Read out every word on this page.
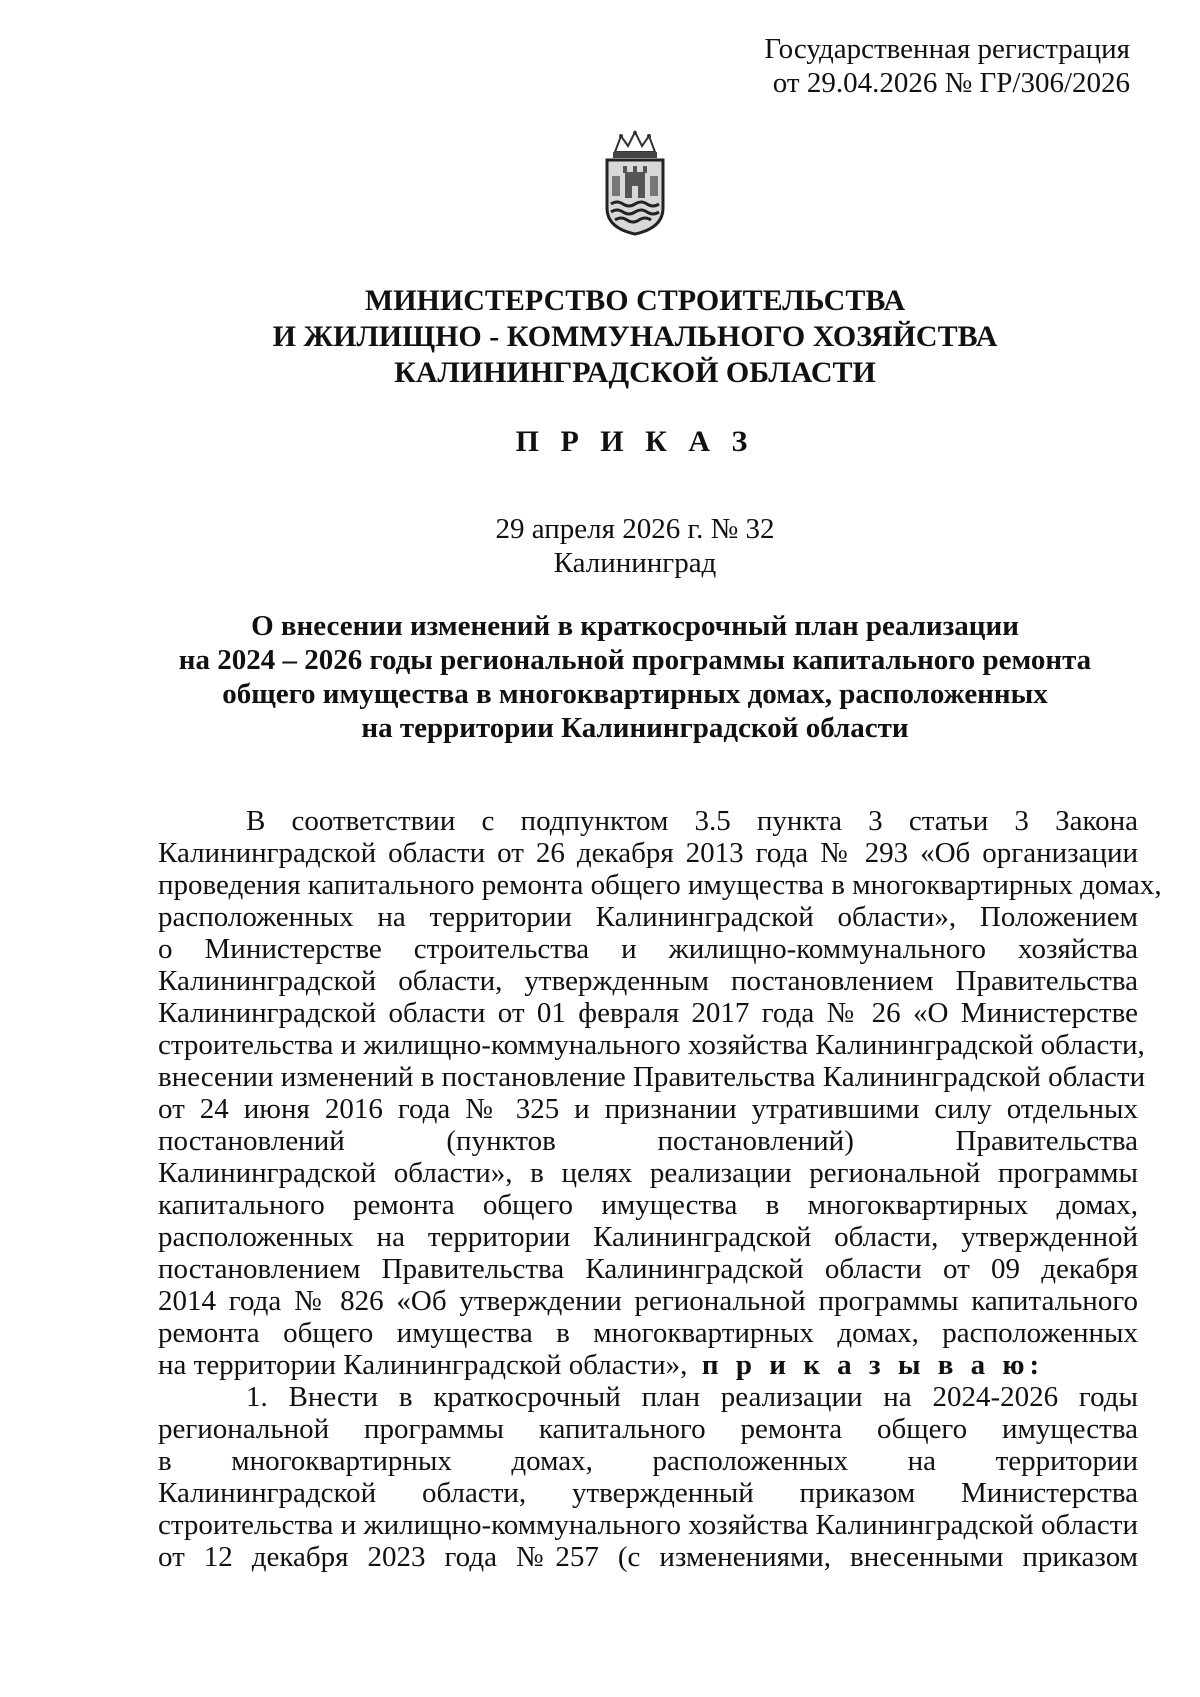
Государственная регистрация
от 29.04.2026 № ГР/306/2026
МИНИСТЕРСТВО СТРОИТЕЛЬСТВА
И ЖИЛИЩНО - КОММУНАЛЬНОГО ХОЗЯЙСТВА
КАЛИНИНГРАДСКОЙ ОБЛАСТИ
П Р И К А З
29 апреля 2026 г. № 32
Калининград
О внесении изменений в краткосрочный план реализации
на 2024 – 2026 годы региональной программы капитального ремонта
общего имущества в многоквартирных домах, расположенных
на территории Калининградской области
В соответствии с подпунктом 3.5 пункта 3 статьи 3 Закона
Калининградской области от 26 декабря 2013 года № 293 «Об организации
проведения капитального ремонта общего имущества в многоквартирных домах,
расположенных на территории Калининградской области», Положением
о Министерстве строительства и жилищно-коммунального хозяйства
Калининградской области, утвержденным постановлением Правительства
Калининградской области от 01 февраля 2017 года № 26 «О Министерстве
строительства и жилищно-коммунального хозяйства Калининградской области,
внесении изменений в постановление Правительства Калининградской области
от 24 июня 2016 года № 325 и признании утратившими силу отдельных
постановлений (пунктов постановлений) Правительства
Калининградской области», в целях реализации региональной программы
капитального ремонта общего имущества в многоквартирных домах,
расположенных на территории Калининградской области, утвержденной
постановлением Правительства Калининградской области от 09 декабря
2014 года № 826 «Об утверждении региональной программы капитального
ремонта общего имущества в многоквартирных домах, расположенных
на территории Калининградской области», п р и к а з ы в а ю:
1. Внести в краткосрочный план реализации на 2024-2026 годы
региональной программы капитального ремонта общего имущества
в многоквартирных домах, расположенных на территории
Калининградской области, утвержденный приказом Министерства
строительства и жилищно-коммунального хозяйства Калининградской области
от 12 декабря 2023 года №257 (с изменениями, внесенными приказом
